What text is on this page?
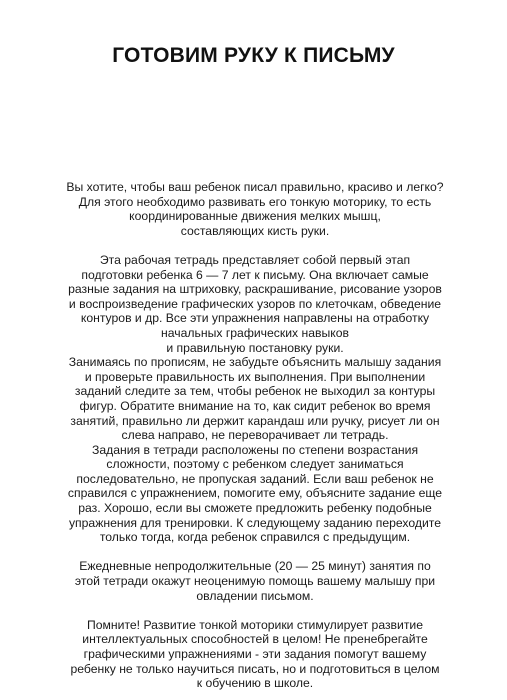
ГОТОВИМ РУКУ К ПИСЬМУ
Вы хотите, чтобы ваш ребенок писал правильно, красиво и легко?
Для этого необходимо развивать его тонкую моторику, то есть
координированные движения мелких мышц,
составляющих кисть руки.
Эта рабочая тетрадь представляет собой первый этап
подготовки ребенка 6 — 7 лет к письму. Она включает самые
разные задания на штриховку, раскрашивание, рисование узоров
и воспроизведение графических узоров по клеточкам, обведение
контуров и др. Все эти упражнения направлены на отработку
начальных графических навыков
и правильную постановку руки.
Занимаясь по прописям, не забудьте объяснить малышу задания
и проверьте правильность их выполнения. При выполнении
заданий следите за тем, чтобы ребенок не выходил за контуры
фигур. Обратите внимание на то, как сидит ребенок во время
занятий, правильно ли держит карандаш или ручку, рисует ли он
слева направо, не переворачивает ли тетрадь.
Задания в тетради расположены по степени возрастания
сложности, поэтому с ребенком следует заниматься
последовательно, не пропуская заданий. Если ваш ребенок не
справился с упражнением, помогите ему, объясните задание еще
раз. Хорошо, если вы сможете предложить ребенку подобные
упражнения для тренировки. К следующему заданию переходите
только тогда, когда ребенок справился с предыдущим.
Ежедневные непродолжительные (20 — 25 минут) занятия по
этой тетради окажут неоценимую помощь вашему малышу при
овладении письмом.
Помните! Развитие тонкой моторики стимулирует развитие
интеллектуальных способностей в целом! Не пренебрегайте
графическими упражнениями - эти задания помогут вашему
ребенку не только научиться писать, но и подготовиться в целом
к обучению в школе.
